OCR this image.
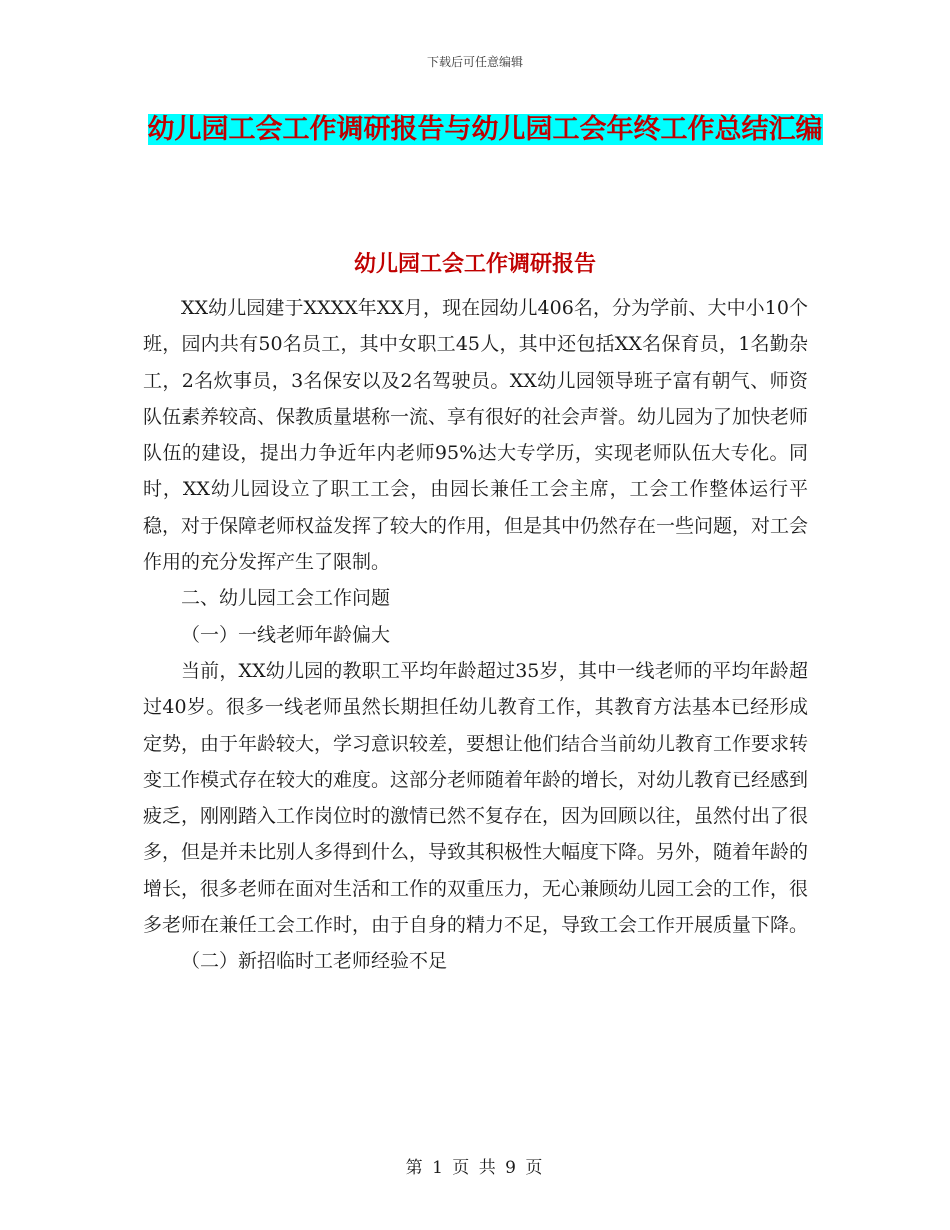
下载后可任意编辑
幼儿园工会工作调研报告与幼儿园工会年终工作总结汇编
幼儿园工会工作调研报告

XX幼儿园建于XXXX年XX月，现在园幼儿406名，分为学前、大中小10个班，园内共有50名员工，其中女职工45人，其中还包括XX名保育员，1名勤杂工，2名炊事员，3名保安以及2名驾驶员。XX幼儿园领导班子富有朝气、师资队伍素养较高、保教质量堪称一流、享有很好的社会声誉。幼儿园为了加快老师队伍的建设，提出力争近年内老师95%达大专学历，实现老师队伍大专化。同时，XX幼儿园设立了职工工会，由园长兼任工会主席，工会工作整体运行平稳，对于保障老师权益发挥了较大的作用，但是其中仍然存在一些问题，对工会作用的充分发挥产生了限制。

二、幼儿园工会工作问题

（一）一线老师年龄偏大

当前，XX幼儿园的教职工平均年龄超过35岁，其中一线老师的平均年龄超过40岁。很多一线老师虽然长期担任幼儿教育工作，其教育方法基本已经形成定势，由于年龄较大，学习意识较差，要想让他们结合当前幼儿教育工作要求转变工作模式存在较大的难度。这部分老师随着年龄的增长，对幼儿教育已经感到疲乏，刚刚踏入工作岗位时的激情已然不复存在，因为回顾以往，虽然付出了很多，但是并未比别人多得到什么，导致其积极性大幅度下降。另外，随着年龄的增长，很多老师在面对生活和工作的双重压力，无心兼顾幼儿园工会的工作，很多老师在兼任工会工作时，由于自身的精力不足，导致工会工作开展质量下降。

（二）新招临时工老师经验不足

第 1 页 共 9 页
